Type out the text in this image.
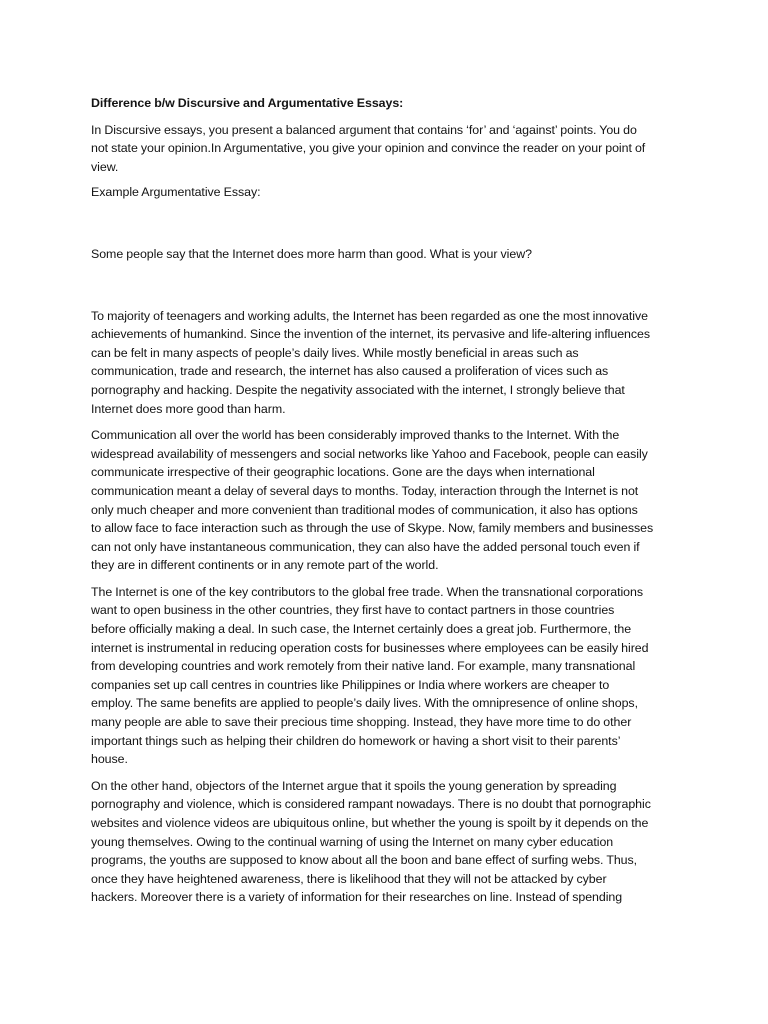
Difference b/w Discursive and Argumentative Essays:

In Discursive essays, you present a balanced argument that contains ‘for’ and ‘against’ points. You do
not state your opinion.In Argumentative, you give your opinion and convince the reader on your point of
view.

Example Argumentative Essay:

Some people say that the Internet does more harm than good. What is your view?

To majority of teenagers and working adults, the Internet has been regarded as one the most innovative
achievements of humankind. Since the invention of the internet, its pervasive and life-altering influences
can be felt in many aspects of people’s daily lives. While mostly beneficial in areas such as
communication, trade and research, the internet has also caused a proliferation of vices such as
pornography and hacking. Despite the negativity associated with the internet, I strongly believe that
Internet does more good than harm.

Communication all over the world has been considerably improved thanks to the Internet. With the
widespread availability of messengers and social networks like Yahoo and Facebook, people can easily
communicate irrespective of their geographic locations. Gone are the days when international
communication meant a delay of several days to months. Today, interaction through the Internet is not
only much cheaper and more convenient than traditional modes of communication, it also has options
to allow face to face interaction such as through the use of Skype. Now, family members and businesses
can not only have instantaneous communication, they can also have the added personal touch even if
they are in different continents or in any remote part of the world.

The Internet is one of the key contributors to the global free trade. When the transnational corporations
want to open business in the other countries, they first have to contact partners in those countries
before officially making a deal. In such case, the Internet certainly does a great job. Furthermore, the
internet is instrumental in reducing operation costs for businesses where employees can be easily hired
from developing countries and work remotely from their native land. For example, many transnational
companies set up call centres in countries like Philippines or India where workers are cheaper to
employ. The same benefits are applied to people’s daily lives. With the omnipresence of online shops,
many people are able to save their precious time shopping. Instead, they have more time to do other
important things such as helping their children do homework or having a short visit to their parents’
house.

On the other hand, objectors of the Internet argue that it spoils the young generation by spreading
pornography and violence, which is considered rampant nowadays. There is no doubt that pornographic
websites and violence videos are ubiquitous online, but whether the young is spoilt by it depends on the
young themselves. Owing to the continual warning of using the Internet on many cyber education
programs, the youths are supposed to know about all the boon and bane effect of surfing webs. Thus,
once they have heightened awareness, there is likelihood that they will not be attacked by cyber
hackers. Moreover there is a variety of information for their researches on line. Instead of spending
